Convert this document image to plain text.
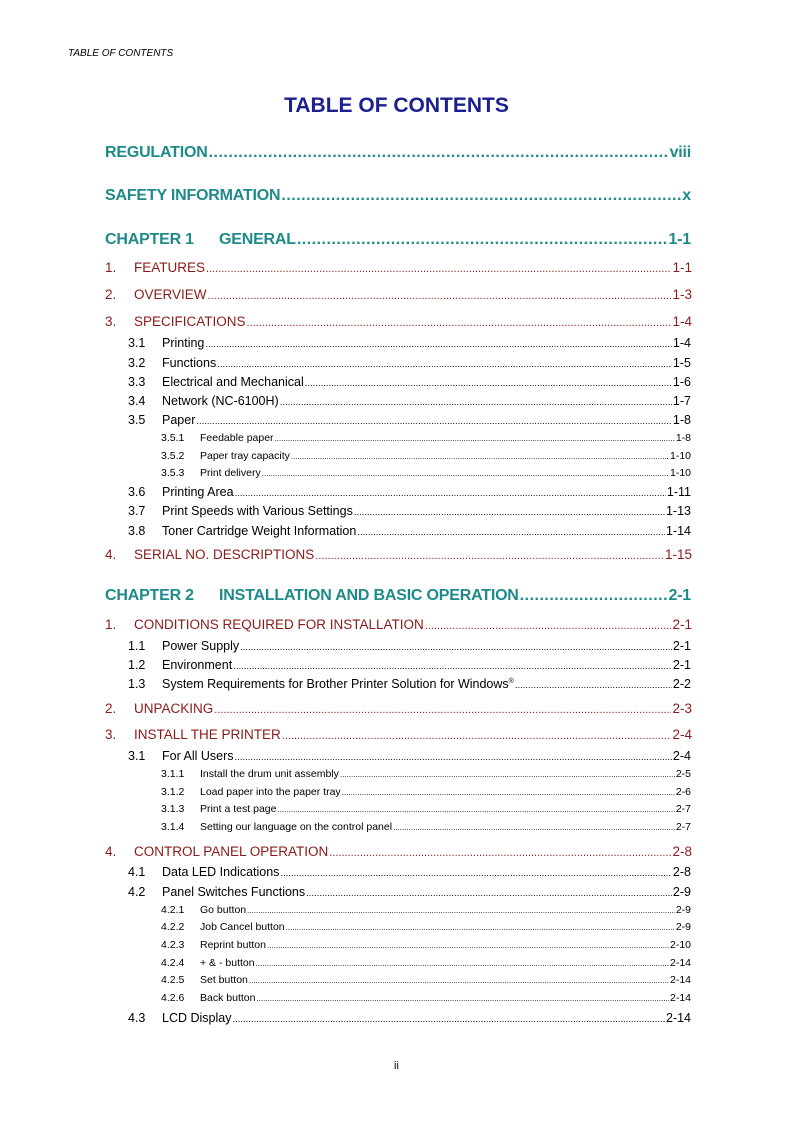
TABLE OF CONTENTS
TABLE OF CONTENTS
REGULATION .....	viii
SAFETY INFORMATION .....	x
CHAPTER 1	GENERAL .....	1-1
1.	FEATURES .....	1-1
2.	OVERVIEW .....	1-3
3.	SPECIFICATIONS .....	1-4
3.1	Printing .....	1-4
3.2	Functions .....	1-5
3.3	Electrical and Mechanical .....	1-6
3.4	Network (NC-6100H) .....	1-7
3.5	Paper .....	1-8
3.5.1	Feedable paper .....	1-8
3.5.2	Paper tray capacity .....	1-10
3.5.3	Print delivery .....	1-10
3.6	Printing Area .....	1-11
3.7	Print Speeds with Various Settings .....	1-13
3.8	Toner Cartridge Weight Information .....	1-14
4.	SERIAL NO. DESCRIPTIONS .....	1-15
CHAPTER 2	INSTALLATION AND BASIC OPERATION .....	2-1
1.	CONDITIONS REQUIRED FOR INSTALLATION .....	2-1
1.1	Power Supply .....	2-1
1.2	Environment .....	2-1
1.3	System Requirements for Brother Printer Solution for Windows® .....	2-2
2.	UNPACKING .....	2-3
3.	INSTALL THE PRINTER .....	2-4
3.1	For All Users .....	2-4
3.1.1	Install the drum unit assembly .....	2-5
3.1.2	Load paper into the paper tray .....	2-6
3.1.3	Print a test page .....	2-7
3.1.4	Setting our language on the control panel .....	2-7
4.	CONTROL PANEL OPERATION .....	2-8
4.1	Data LED Indications .....	2-8
4.2	Panel Switches Functions .....	2-9
4.2.1	Go button .....	2-9
4.2.2	Job Cancel button .....	2-9
4.2.3	Reprint button .....	2-10
4.2.4	+ & - button .....	2-14
4.2.5	Set button .....	2-14
4.2.6	Back button .....	2-14
4.3	LCD Display .....	2-14
ii
